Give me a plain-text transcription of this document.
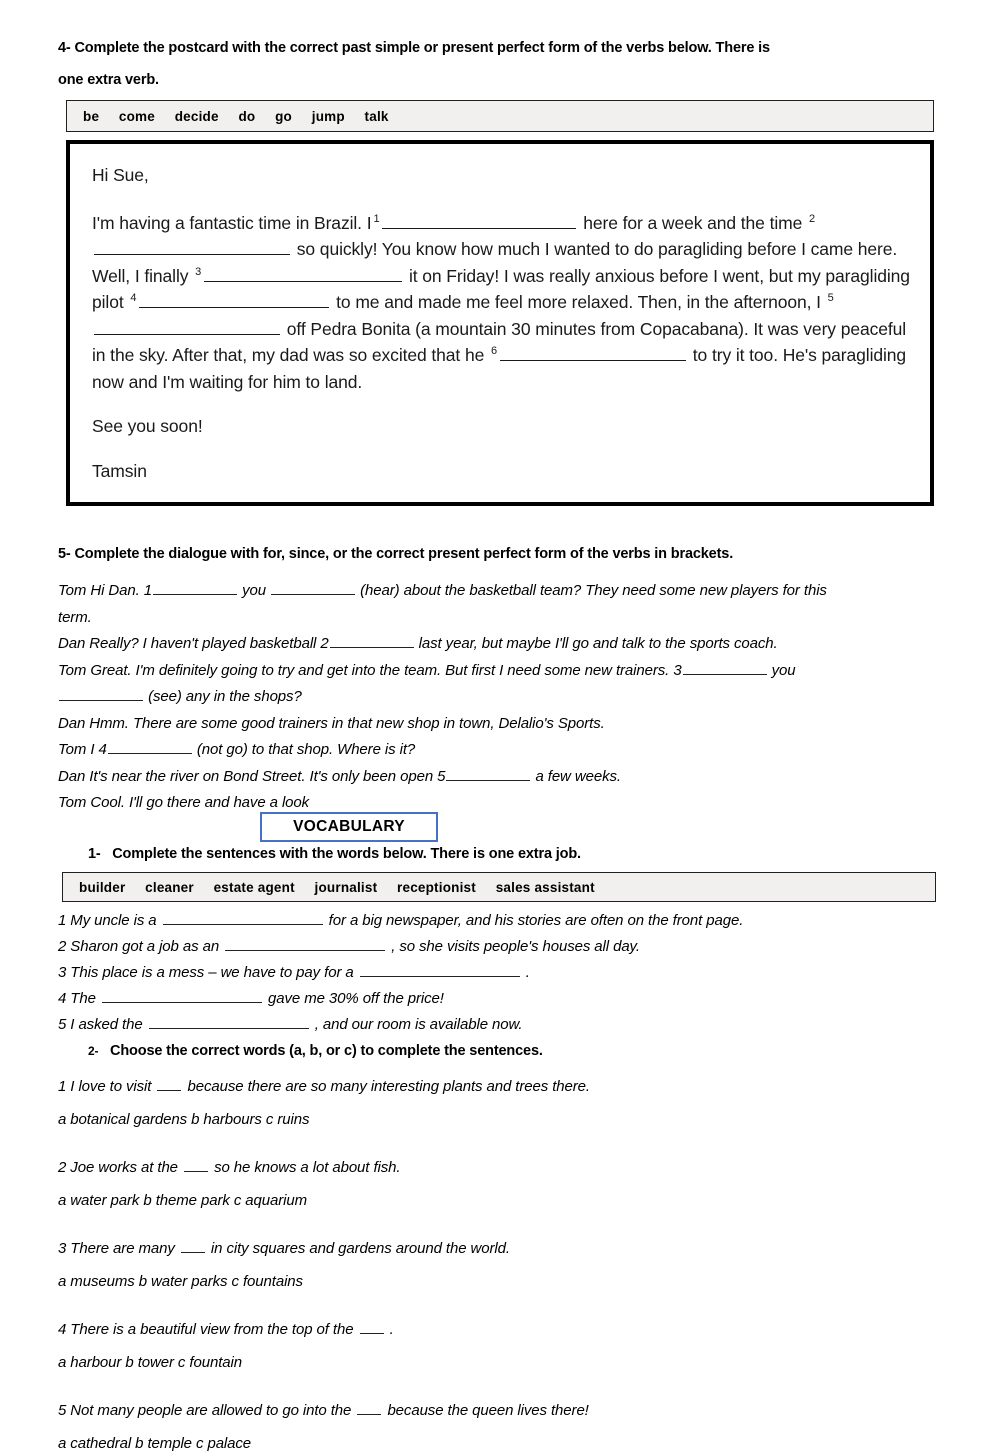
4- Complete the postcard with the correct past simple or present perfect form of the verbs below. There is
one extra verb.
be     come     decide     do     go     jump     talk

Hi Sue,

I'm having a fantastic time in Brazil. I $^1$	here for a week and the time $^2$ so quickly! You know how much I wanted to do paragliding before I came here. Well, I finally $^3$	it on Friday! I was really anxious before I went, but my paragliding pilot $^4$	to me and made me feel more relaxed. Then, in the afternoon, I $^5$ off Pedra Bonita (a mountain 30 minutes from Copacabana). It was very peaceful in the sky. After that, my dad was so excited that he $^6$	to try it too. He's paragliding now and I'm waiting for him to land.

See you soon!

Tamsin

5- Complete the dialogue with for, since, or the correct present perfect form of the verbs in brackets.

Tom Hi Dan. 1	you	(hear) about the basketball team? They need some new players for this

term.

Dan Really? I haven't played basketball 2	last year, but maybe I'll go and talk to the sports coach.

Tom Great. I'm definitely going to try and get into the team. But first I need some new trainers. 3	you
(see) any in the shops?

Dan Hmm. There are some good trainers in that new shop in town, Delalio's Sports.

Tom I 4	(not go) to that shop. Where is it?

Dan It's near the river on Bond Street. It's only been open 5	a few weeks.

Tom Cool. I'll go there and have a look

VOCABULARY
1- Complete the sentences with the words below. There is one extra job.
builder     cleaner     estate agent     journalist     receptionist     sales assistant

1 My uncle is a	for a big newspaper, and his stories are often on the front page.

2 Sharon got a job as an	, so she visits people's houses all day.

3 This place is a mess – we have to pay for a	.

4 The	gave me 30% off the price!

5 I asked the	, and our room is available now.

2- Choose the correct words (a, b, or c) to complete the sentences.

1 I love to visit  because there are so many interesting plants and trees there.

a botanical gardens b harbours c ruins

2 Joe works at the  so he knows a lot about fish.

a water park b theme park c aquarium

3 There are many  in city squares and gardens around the world.

a museums b water parks c fountains

4 There is a beautiful view from the top of the  .

a harbour b tower c fountain

5 Not many people are allowed to go into the  because the queen lives there!

a cathedral b temple c palace
